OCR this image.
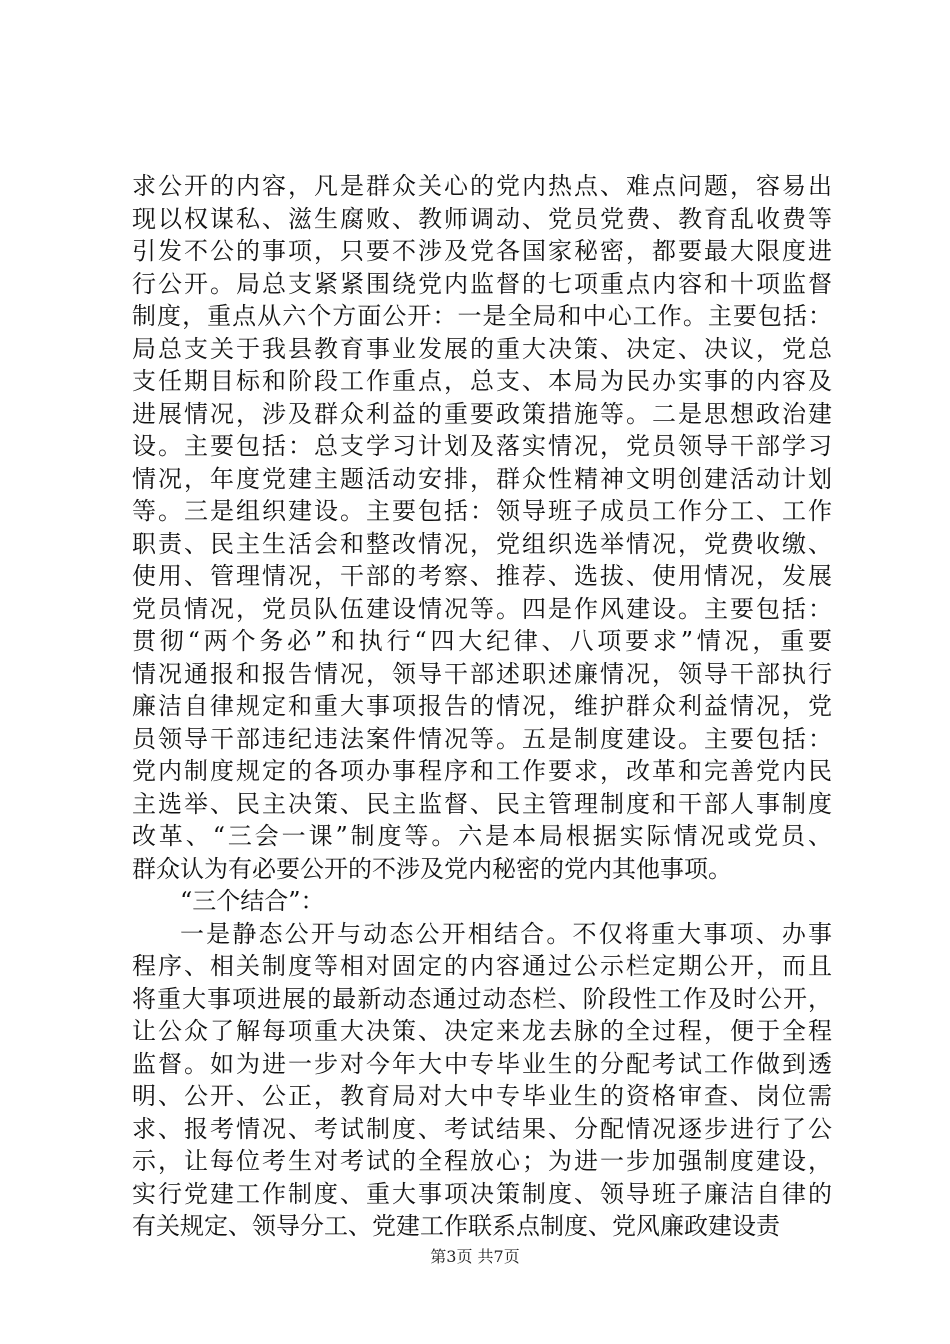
求公开的内容，凡是群众关心的党内热点、难点问题，容易出
现以权谋私、滋生腐败、教师调动、党员党费、教育乱收费等
引发不公的事项，只要不涉及党各国家秘密，都要最大限度进
行公开。局总支紧紧围绕党内监督的七项重点内容和十项监督
制度，重点从六个方面公开：一是全局和中心工作。主要包括：
局总支关于我县教育事业发展的重大决策、决定、决议，党总
支任期目标和阶段工作重点，总支、本局为民办实事的内容及
进展情况，涉及群众利益的重要政策措施等。二是思想政治建
设。主要包括：总支学习计划及落实情况，党员领导干部学习
情况，年度党建主题活动安排，群众性精神文明创建活动计划
等。三是组织建设。主要包括：领导班子成员工作分工、工作
职责、民主生活会和整改情况，党组织选举情况，党费收缴、
使用、管理情况，干部的考察、推荐、选拔、使用情况，发展
党员情况，党员队伍建设情况等。四是作风建设。主要包括：
贯彻“两个务必”和执行“四大纪律、八项要求”情况，重要
情况通报和报告情况，领导干部述职述廉情况，领导干部执行
廉洁自律规定和重大事项报告的情况，维护群众利益情况，党
员领导干部违纪违法案件情况等。五是制度建设。主要包括：
党内制度规定的各项办事程序和工作要求，改革和完善党内民
主选举、民主决策、民主监督、民主管理制度和干部人事制度
改革、“三会一课”制度等。六是本局根据实际情况或党员、
群众认为有必要公开的不涉及党内秘密的党内其他事项。
“三个结合”：
一是静态公开与动态公开相结合。不仅将重大事项、办事
程序、相关制度等相对固定的内容通过公示栏定期公开，而且
将重大事项进展的最新动态通过动态栏、阶段性工作及时公开，
让公众了解每项重大决策、决定来龙去脉的全过程，便于全程
监督。如为进一步对今年大中专毕业生的分配考试工作做到透
明、公开、公正，教育局对大中专毕业生的资格审查、岗位需
求、报考情况、考试制度、考试结果、分配情况逐步进行了公
示，让每位考生对考试的全程放心；为进一步加强制度建设，
实行党建工作制度、重大事项决策制度、领导班子廉洁自律的
有关规定、领导分工、党建工作联系点制度、党风廉政建设责
第3页 共7页
